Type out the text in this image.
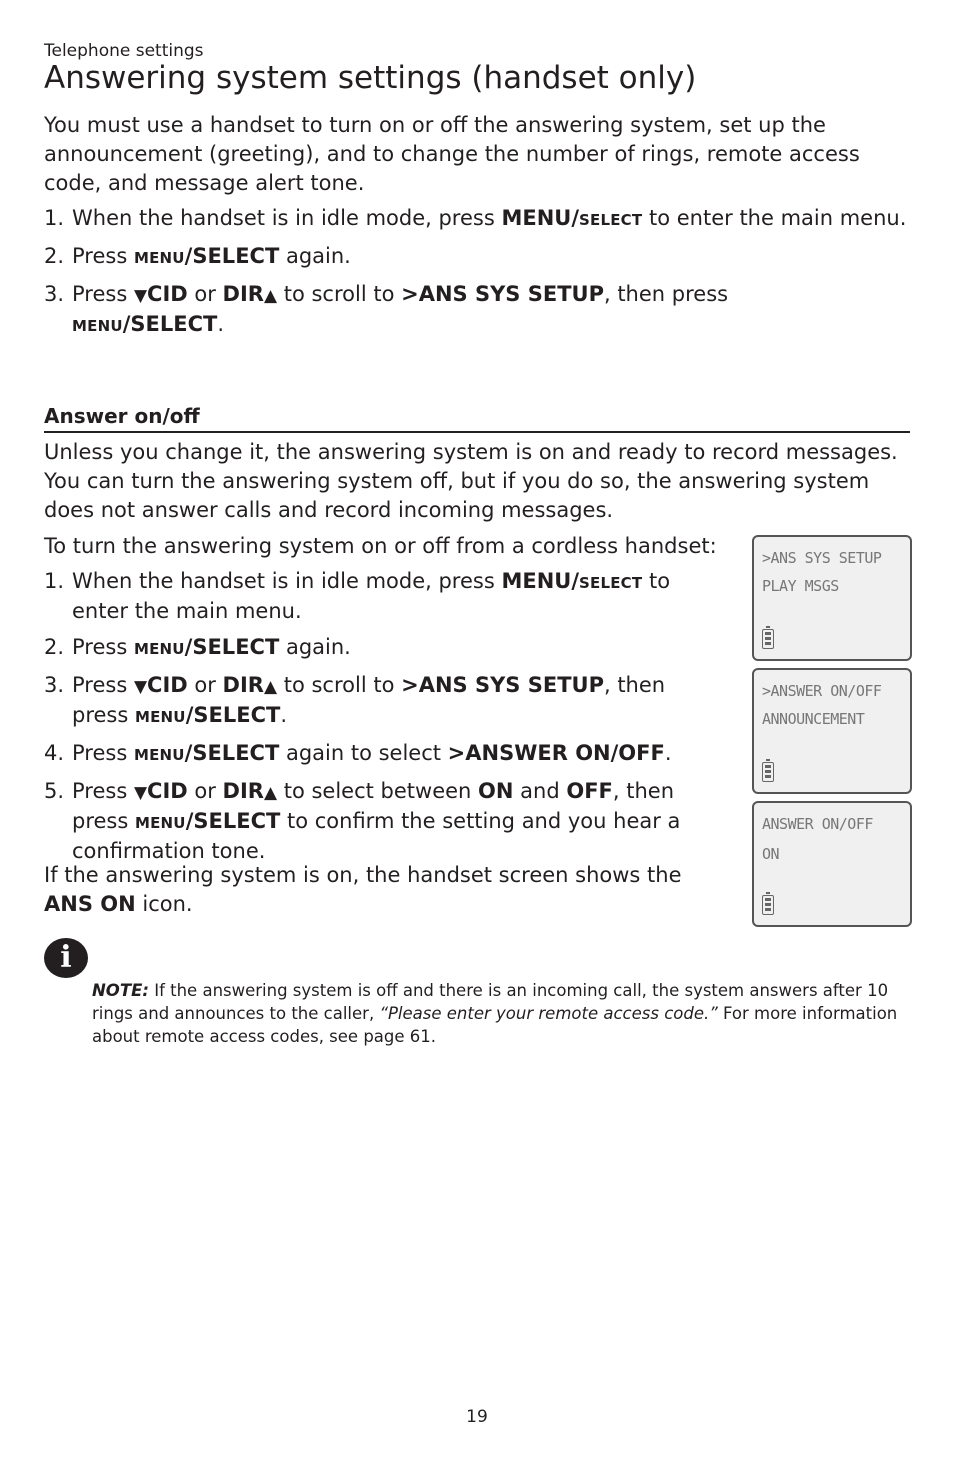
Telephone settings
Answering system settings (handset only)

You must use a handset to turn on or off the answering system, set up the announcement (greeting), and to change the number of rings, remote access code, and message alert tone.

1. When the handset is in idle mode, press MENU/SELECT to enter the main menu.
2. Press MENU/SELECT again.
3. Press ▼CID or DIR▲ to scroll to >ANS SYS SETUP, then press
MENU/SELECT.
Answer on/off

Unless you change it, the answering system is on and ready to record messages. You can turn the answering system off, but if you do so, the answering system does not answer calls and record incoming messages.

To turn the answering system on or off from a cordless handset:

1. When the handset is in idle mode, press MENU/SELECT to enter the main menu.
2. Press MENU/SELECT again.
3. Press ▼CID or DIR▲ to scroll to >ANS SYS SETUP, then press MENU/SELECT.
4. Press MENU/SELECT again to select >ANSWER ON/OFF.
5. Press ▼CID or DIR▲ to select between ON and OFF, then press MENU/SELECT to confirm the setting and you hear a confirmation tone.

If the answering system is on, the handset screen shows the ANS ON icon.

>ANS SYS SETUP
PLAY MSGS
>ANSWER ON/OFF
ANNOUNCEMENT
ANSWER ON/OFF
ON
i

NOTE: If the answering system is off and there is an incoming call, the system answers after 10 rings and announces to the caller, “Please enter your remote access code.” For more information about remote access codes, see page 61.

19
